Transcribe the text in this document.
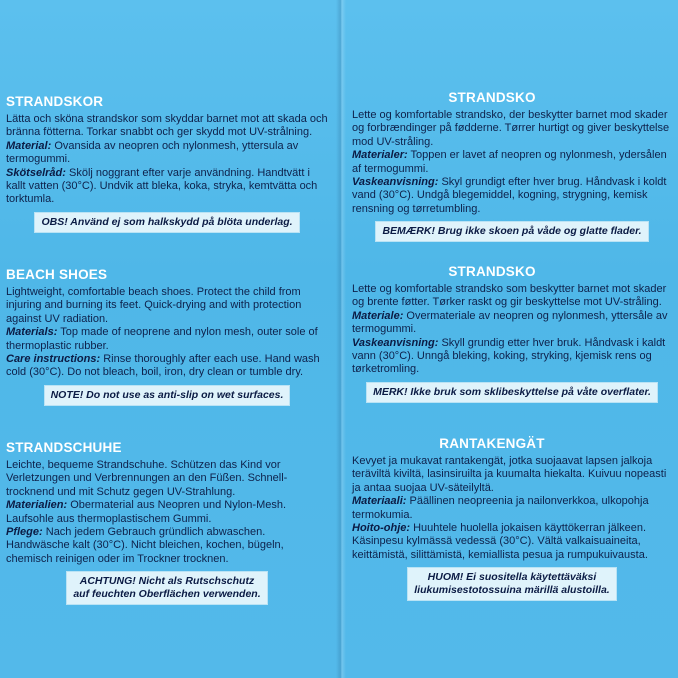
STRANDSKOR

Lätta och sköna strandskor som skyddar barnet mot att skada och bränna fötterna. Torkar snabbt och ger skydd mot UV-strålning.

Material: Ovansida av neopren och nylonmesh, yttersula av termogummi.

Skötselråd: Skölj noggrant efter varje användning. Handtvätt i kallt vatten (30°C). Undvik att bleka, koka, stryka, kemtvätta och torktumla.

OBS! Använd ej som halkskydd på blöta underlag.
BEACH SHOES

Lightweight, comfortable beach shoes. Protect the child from injuring and burning its feet. Quick-drying and with protection against UV radiation.

Materials: Top made of neoprene and nylon mesh, outer sole of thermoplastic rubber.

Care instructions: Rinse thoroughly after each use. Hand wash cold (30°C). Do not bleach, boil, iron, dry clean or tumble dry.

NOTE! Do not use as anti-slip on wet surfaces.
STRANDSCHUHE

Leichte, bequeme Strandschuhe. Schützen das Kind vor Verletzungen und Verbrennungen an den Füßen. Schnell-trocknend und mit Schutz gegen UV-Strahlung.

Materialien: Obermaterial aus Neopren und Nylon-Mesh. Laufsohle aus thermoplastischem Gummi.

Pflege: Nach jedem Gebrauch gründlich abwaschen. Handwäsche kalt (30°C). Nicht bleichen, kochen, bügeln, chemisch reinigen oder im Trockner trocknen.

ACHTUNG! Nicht als Rutschschutz
auf feuchten Oberflächen verwenden.
STRANDSKO

Lette og komfortable strandsko, der beskytter barnet mod skader og forbrændinger på fødderne. Tørrer hurtigt og giver beskyttelse mod UV-stråling.

Materialer: Toppen er lavet af neopren og nylonmesh, ydersålen af termogummi.

Vaskeanvisning: Skyl grundigt efter hver brug. Håndvask i koldt vand (30°C). Undgå blegemiddel, kogning, strygning, kemisk rensning og tørretumbling.

BEMÆRK! Brug ikke skoen på våde og glatte flader.
STRANDSKO

Lette og komfortable strandsko som beskytter barnet mot skader og brente føtter. Tørker raskt og gir beskyttelse mot UV-stråling.

Materiale: Overmateriale av neopren og nylonmesh, yttersåle av termogummi.

Vaskeanvisning: Skyll grundig etter hver bruk. Håndvask i kaldt vann (30°C). Unngå bleking, koking, stryking, kjemisk rens og tørketromling.

MERK! Ikke bruk som sklibeskyttelse på våte overflater.
RANTAKENGÄT

Kevyet ja mukavat rantakengät, jotka suojaavat lapsen jalkoja teräviltä kiviltä, lasinsiruilta ja kuumalta hiekalta. Kuivuu nopeasti ja antaa suojaa UV-säteilyltä.

Materiaali: Päällinen neopreenia ja nailonverkkoa, ulkopohja termokumia.

Hoito-ohje: Huuhtele huolella jokaisen käyttökerran jälkeen. Käsinpesu kylmässä vedessä (30°C). Vältä valkaisuaineita, keittämistä, silittämistä, kemiallista pesua ja rumpukuivausta.

HUOM! Ei suositella käytettäväksi
liukumisestotossuina märillä alustoilla.
